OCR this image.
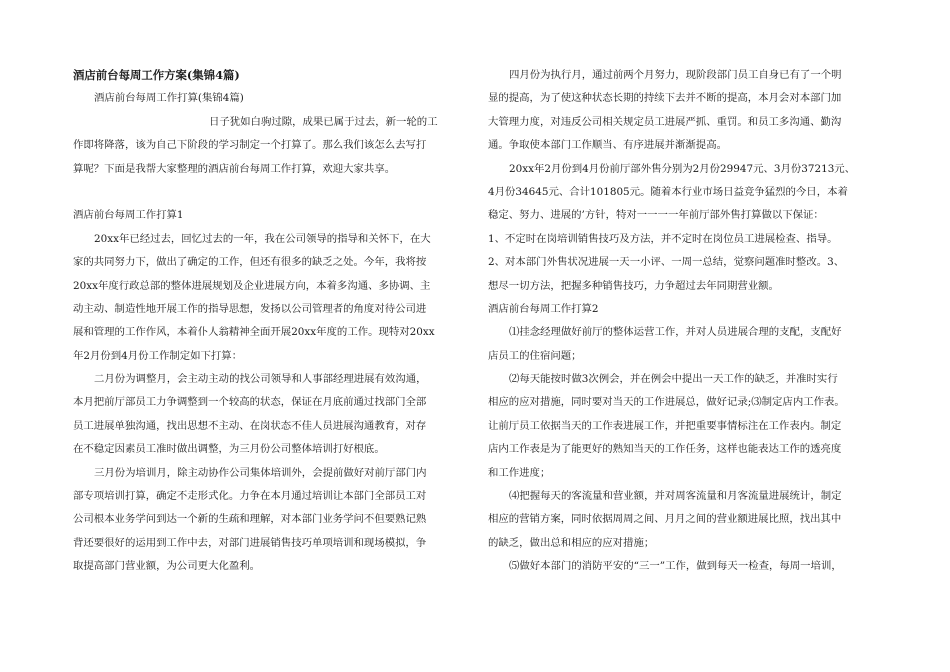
酒店前台每周工作方案(集锦4篇)
酒店前台每周工作打算(集锦4篇)
日子犹如白驹过隙，成果已属于过去，新一轮的工
作即将降落，该为自己下阶段的学习制定一个打算了。那么我们该怎么去写打
算呢？下面是我帮大家整理的酒店前台每周工作打算，欢迎大家共享。
酒店前台每周工作打算1
20xx年已经过去，回忆过去的一年，我在公司领导的指导和关怀下，在大
家的共同努力下，做出了确定的工作，但还有很多的缺乏之处。今年，我将按
20xx年度行政总部的整体进展规划及企业进展方向，本着多沟通、多协调、主
动主动、制造性地开展工作的指导思想，发扬以公司管理者的角度对待公司进
展和管理的工作作风，本着仆人翁精神全面开展20xx年度的工作。现特对20xx
年2月份到4月份工作制定如下打算：
二月份为调整月，会主动主动的找公司领导和人事部经理进展有效沟通，
本月把前厅部员工力争调整到一个较高的状态，保证在月底前通过找部门全部
员工进展单独沟通，找出思想不主动、在岗状态不佳人员进展沟通教育，对存
在不稳定因素员工准时做出调整，为三月份公司整体培训打好根底。
三月份为培训月，除主动协作公司集体培训外，会提前做好对前厅部门内
部专项培训打算，确定不走形式化。力争在本月通过培训让本部门全部员工对
公司根本业务学问到达一个新的生疏和理解，对本部门业务学问不但要熟记熟
背还要很好的运用到工作中去，对部门进展销售技巧单项培训和现场模拟，争
取提高部门营业额，为公司更大化盈利。
四月份为执行月，通过前两个月努力，现阶段部门员工自身已有了一个明
显的提高，为了使这种状态长期的持续下去并不断的提高，本月会对本部门加
大管理力度，对违反公司相关规定员工进展严抓、重罚。和员工多沟通、勤沟
通。争取使本部门工作顺当、有序进展并渐渐提高。
20xx年2月份到4月份前厅部外售分别为2月份29947元、3月份37213元、
4月份34645元、合计101805元。随着本行业市场日益竞争猛烈的今日，本着
稳定、努力、进展的’方针，特对一一一一年前厅部外售打算做以下保证：
1、不定时在岗培训销售技巧及方法，并不定时在岗位员工进展检查、指导。
2、对本部门外售状况进展一天一小评、一周一总结，觉察问题准时整改。3、
想尽一切方法，把握多种销售技巧，力争超过去年同期营业额。
酒店前台每周工作打算2
⑴挂念经理做好前厅的整体运营工作，并对人员进展合理的支配，支配好
店员工的住宿问题；
⑵每天能按时做3次例会，并在例会中提出一天工作的缺乏，并准时实行
相应的应对措施，同时要对当天的工作进展总，做好记录;⑶制定店内工作表。
让前厅员工依据当天的工作表进展工作，并把重要事情标注在工作表内。制定
店内工作表是为了能更好的熟知当天的工作任务，这样也能表达工作的透亮度
和工作进度；
⑷把握每天的客流量和营业额，并对周客流量和月客流量进展统计，制定
相应的营销方案，同时依据周周之间、月月之间的营业额进展比照，找出其中
的缺乏，做出总和相应的应对措施；
⑸做好本部门的消防平安的“三一”工作，做到每天一检查，每周一培训，
